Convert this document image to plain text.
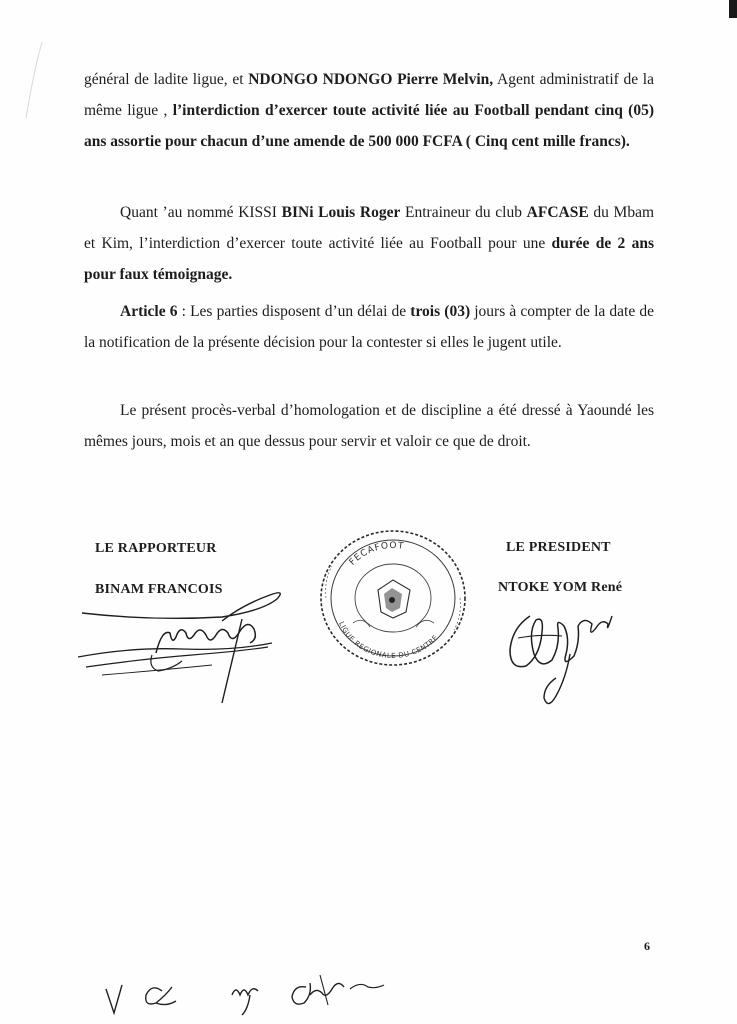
général de ladite ligue, et NDONGO NDONGO Pierre Melvin, Agent administratif de la même ligue , l’interdiction d’exercer toute activité liée au Football pendant cinq (05) ans assortie pour chacun d’une amende de 500 000 FCFA ( Cinq cent mille francs).

Quant ’au nommé KISSI BINi Louis Roger Entraineur du club AFCASE du Mbam et Kim, l’interdiction d’exercer toute activité liée au Football pour une durée de 2 ans pour faux témoignage.

Article 6 : Les parties disposent d’un délai de trois (03) jours à compter de la date de la notification de la présente décision pour la contester si elles le jugent utile.

Le présent procès-verbal d’homologation et de discipline a été dressé à Yaoundé les mêmes jours, mois et an que dessus pour servir et valoir ce que de droit.

LE RAPPORTEUR

BINAM FRANCOIS

LE PRESIDENT

NTOKE YOM René

FECAFOOT
LIGUE REGIONALE DU CENTRE

6
